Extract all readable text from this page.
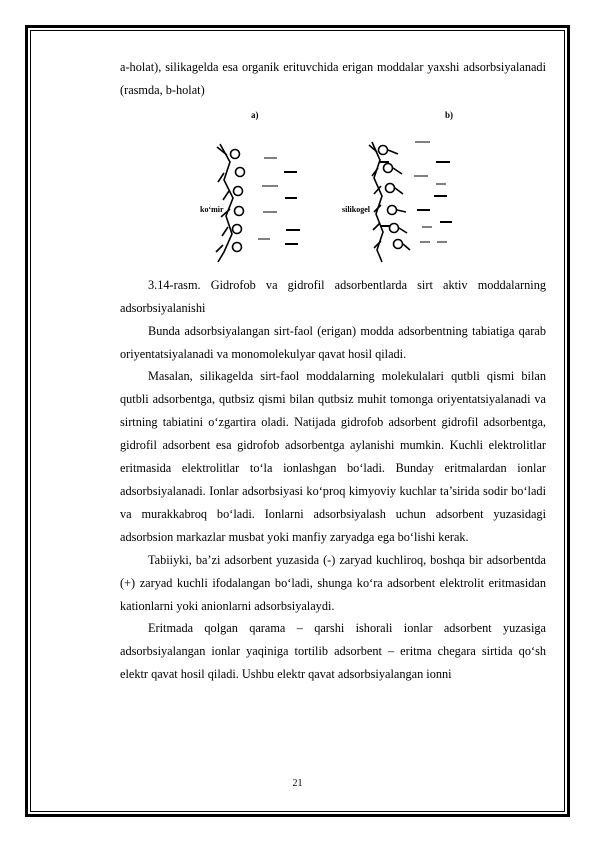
a-holat), silikagelda esa organik erituvchida erigan moddalar yaxshi adsorbsiyalanadi (rasmda, b-holat)

a)	b)
ko‘mir	silikogel

3.14-rasm. Gidrofob va gidrofil adsorbentlarda sirt aktiv moddalarning adsorbsiyalanishi

Bunda adsorbsiyalangan sirt-faol (erigan) modda adsorbentning tabiatiga qarab oriyentatsiyalanadi va monomolekulyar qavat hosil qiladi.

Masalan, silikagelda sirt-faol moddalarning molekulalari qutbli qismi bilan qutbli adsorbentga, qutbsiz qismi bilan qutbsiz muhit tomonga oriyentatsiyalanadi va sirtning tabiatini o‘zgartira oladi. Natijada gidrofob adsorbent gidrofil adsorbentga, gidrofil adsorbent esa gidrofob adsorbentga aylanishi mumkin. Kuchli elektrolitlar eritmasida elektrolitlar to‘la ionlashgan bo‘ladi. Bunday eritmalardan ionlar adsorbsiyalanadi. Ionlar adsorbsiyasi ko‘proq kimyoviy kuchlar ta’sirida sodir bo‘ladi va murakkabroq bo‘ladi. Ionlarni adsorbsiyalash uchun adsorbent yuzasidagi adsorbsion markazlar musbat yoki manfiy zaryadga ega bo‘lishi kerak.

Tabiiyki, ba’zi adsorbent yuzasida (-) zaryad kuchliroq, boshqa bir adsorbentda (+) zaryad kuchli ifodalangan bo‘ladi, shunga ko‘ra adsorbent elektrolit eritmasidan kationlarni yoki anionlarni adsorbsiyalaydi.

Eritmada qolgan qarama – qarshi ishorali ionlar adsorbent yuzasiga adsorbsiyalangan ionlar yaqiniga tortilib adsorbent – eritma chegara sirtida qo‘sh elektr qavat hosil qiladi. Ushbu elektr qavat adsorbsiyalangan ionni

21
